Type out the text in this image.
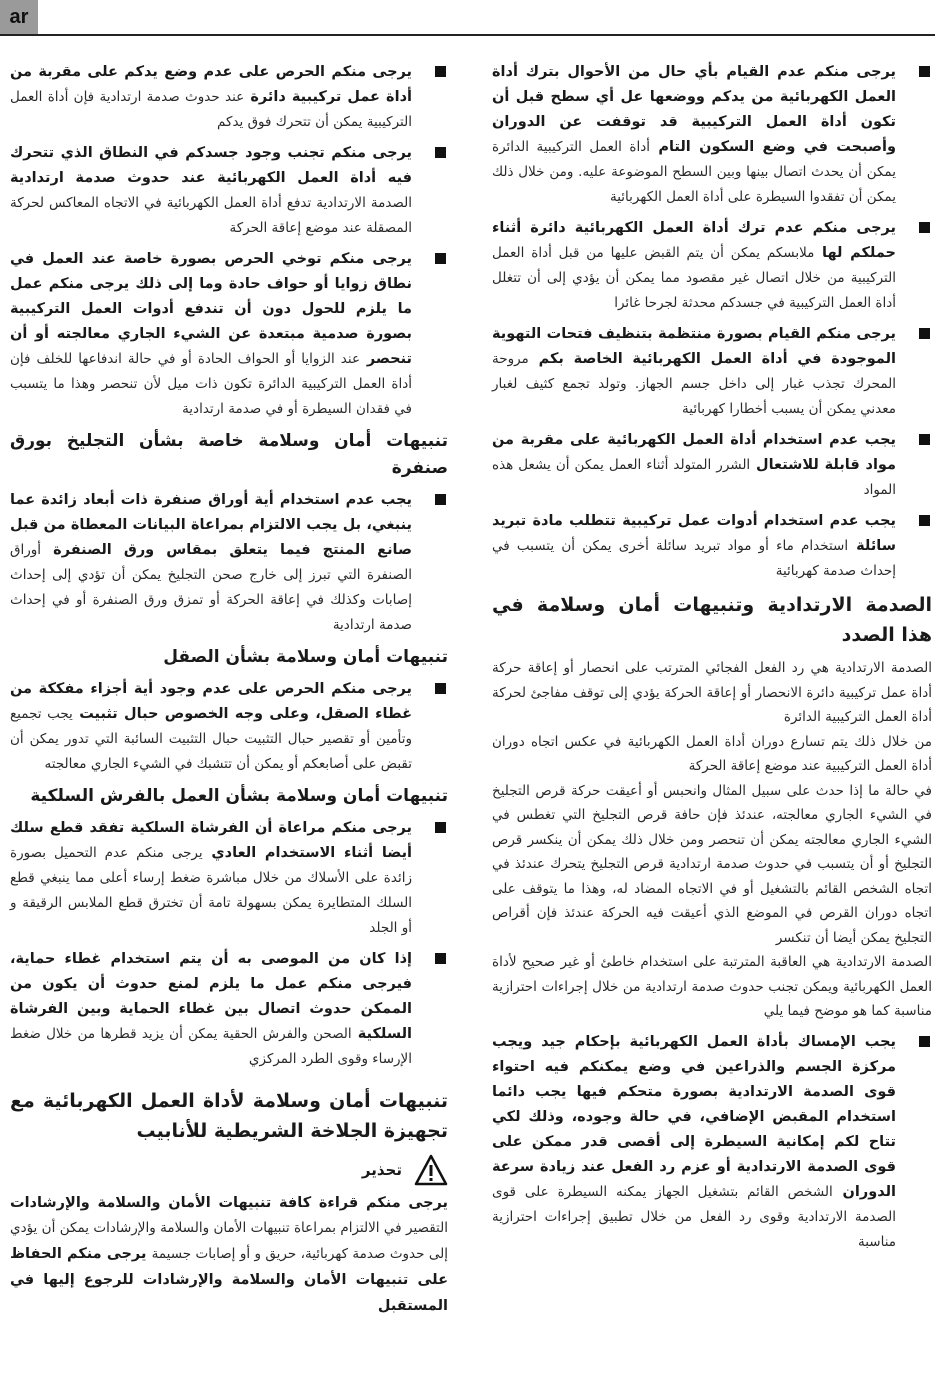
ar
يرجى منكم عدم القيام بأي حال من الأحوال بترك أداة العمل الكهربائية من يدكم ووضعها عل أي سطح قبل أن تكون أداة العمل التركيبية قد توقفت عن الدوران وأصبحت في وضع السكون التام أداة العمل التركيبية الدائرة يمكن أن يحدث اتصال بينها وبين السطح الموضوعة عليه. ومن خلال ذلك يمكن أن تفقدوا السيطرة على أداة العمل الكهربائية
يرجى منكم عدم ترك أداة العمل الكهربائية دائرة أثناء حملكم لها ملابسكم يمكن أن يتم القبض عليها من قبل أداة العمل التركيبية من خلال اتصال غير مقصود مما يمكن أن يؤدي إلى أن تتغلل أداة العمل التركيبية في جسدكم محدثة لجرحا غائرا
يرجى منكم القيام بصورة منتظمة بتنظيف فتحات التهوية الموجودة في أداة العمل الكهربائية الخاصة بكم مروحة المحرك تجذب غبار إلى داخل جسم الجهاز. وتولد تجمع كثيف لغبار معدني يمكن أن يسبب أخطارا كهربائية
يجب عدم استخدام أداة العمل الكهربائية على مقربة من مواد قابلة للاشتعال الشرر المتولد أثناء العمل يمكن أن يشعل هذه المواد
يجب عدم استخدام أدوات عمل تركيبية تتطلب مادة تبريد سائلة استخدام ماء أو مواد تبريد سائلة أخرى يمكن أن يتسبب في إحداث صدمة كهربائية
الصدمة الارتدادية وتنبيهات أمان وسلامة في هذا الصدد
الصدمة الارتدادية هي رد الفعل الفجائي المترتب على انحصار أو إعاقة حركة أداة عمل تركيبية دائرة الانحصار أو إعاقة الحركة يؤدي إلى توقف مفاجئ لحركة أداة العمل التركيبية الدائرة
من خلال ذلك يتم تسارع دوران أداة العمل الكهربائية في عكس اتجاه دوران أداة العمل التركيبية عند موضع إعاقة الحركة
في حالة ما إذا حدث على سبيل المثال وانحبس أو أعيقت حركة قرص التجليخ في الشيء الجاري معالجته، عندئذ فإن حافة قرص التجليخ التي تغطس في الشيء الجاري معالجته يمكن أن تنحصر ومن خلال ذلك يمكن أن ينكسر قرص التجليخ أو أن يتسبب في حدوث صدمة ارتدادية قرص التجليخ يتحرك عندئذ في اتجاه الشخص القائم بالتشغيل أو في الاتجاه المضاد له، وهذا ما يتوقف على اتجاه دوران القرص في الموضع الذي أعيقت فيه الحركة عندئذ فإن أقراص التجليخ يمكن أيضا أن تنكسر
الصدمة الارتدادية هي العاقبة المترتبة على استخدام خاطئ أو غير صحيح لأداة العمل الكهربائية ويمكن تجنب حدوث صدمة ارتدادية من خلال إجراءات احترازية مناسبة كما هو موضح فيما يلي
يجب الإمساك بأداة العمل الكهربائية بإحكام جيد ويجب مركزة الجسم والذراعين في وضع يمكنكم فيه احتواء قوى الصدمة الارتدادية بصورة متحكم فيها يجب دائما استخدام المقبض الإضافي، في حالة وجوده، وذلك لكي تتاح لكم إمكانية السيطرة إلى أقصى قدر ممكن على قوى الصدمة الارتدادية أو عزم رد الفعل عند زيادة سرعة الدوران الشخص القائم بتشغيل الجهاز يمكنه السيطرة على قوى الصدمة الارتدادية وقوى رد الفعل من خلال تطبيق إجراءات احترازية مناسبة
يرجى منكم الحرص على عدم وضع يدكم على مقربة من أداة عمل تركيبية دائرة عند حدوث صدمة ارتدادية فإن أداة العمل التركيبية يمكن أن تتحرك فوق يدكم
يرجى منكم تجنب وجود جسدكم في النطاق الذي تتحرك فيه أداة العمل الكهربائية عند حدوث صدمة ارتدادية الصدمة الارتدادية تدفع أداة العمل الكهربائية في الاتجاه المعاكس لحركة المصقلة عند موضع إعاقة الحركة
يرجى منكم توخي الحرص بصورة خاصة عند العمل في نطاق زوايا أو حواف حادة وما إلى ذلك يرجى منكم عمل ما يلزم للحول دون أن تندفع أدوات العمل التركيبية بصورة صدمية مبتعدة عن الشيء الجاري معالجته أو أن تنحصر عند الزوايا أو الحواف الحادة أو في حالة اندفاعها للخلف فإن أداة العمل التركيبية الدائرة تكون ذات ميل لأن تنحصر وهذا ما يتسبب في فقدان السيطرة أو في صدمة ارتدادية
تنبيهات أمان وسلامة خاصة بشأن التجليخ بورق صنفرة
يجب عدم استخدام أية أوراق صنفرة ذات أبعاد زائدة عما ينبغي، بل يجب الالتزام بمراعاة البيانات المعطاة من قبل صانع المنتج فيما يتعلق بمقاس ورق الصنفرة أوراق الصنفرة التي تبرز إلى خارج صحن التجليخ يمكن أن تؤدي إلى إحداث إصابات وكذلك في إعاقة الحركة أو تمزق ورق الصنفرة أو في إحداث صدمة ارتدادية
تنبيهات أمان وسلامة بشأن الصقل
يرجى منكم الحرص على عدم وجود أية أجزاء مفككة من غطاء الصقل، وعلى وجه الخصوص حبال تثبيت يجب تجميع وتأمين أو تقصير حبال التثبيت حبال التثبيت السائبة التي تدور يمكن أن تقبض على أصابعكم أو يمكن أن تتشبك في الشيء الجاري معالجته
تنبيهات أمان وسلامة بشأن العمل بالفرش السلكية
يرجى منكم مراعاة أن الفرشاة السلكية تفقد قطع سلك أيضا أثناء الاستخدام العادي يرجى منكم عدم التحميل بصورة زائدة على الأسلاك من خلال مباشرة ضغط إرساء أعلى مما ينبغي قطع السلك المتطايرة يمكن بسهولة تامة أن تخترق قطع الملابس الرقيقة و أو الجلد
إذا كان من الموصى به أن يتم استخدام غطاء حماية، فيرجى منكم عمل ما يلزم لمنع حدوث أن يكون من الممكن حدوث اتصال بين غطاء الحماية وبين الفرشاة السلكية الصحن والفرش الحقية يمكن أن يزيد قطرها من خلال ضغط الإرساء وقوى الطرد المركزي
تنبيهات أمان وسلامة لأداة العمل الكهربائية مع تجهيزة الجلاخة الشريطية للأنابيب
تحذير
يرجى منكم قراءة كافة تنبيهات الأمان والسلامة والإرشادات التقصير في الالتزام بمراعاة تنبيهات الأمان والسلامة والإرشادات يمكن أن يؤدي إلى حدوث صدمة كهربائية، حريق و أو إصابات جسيمة يرجى منكم الحفاظ على تنبيهات الأمان والسلامة والإرشادات للرجوع إليها في المستقبل
